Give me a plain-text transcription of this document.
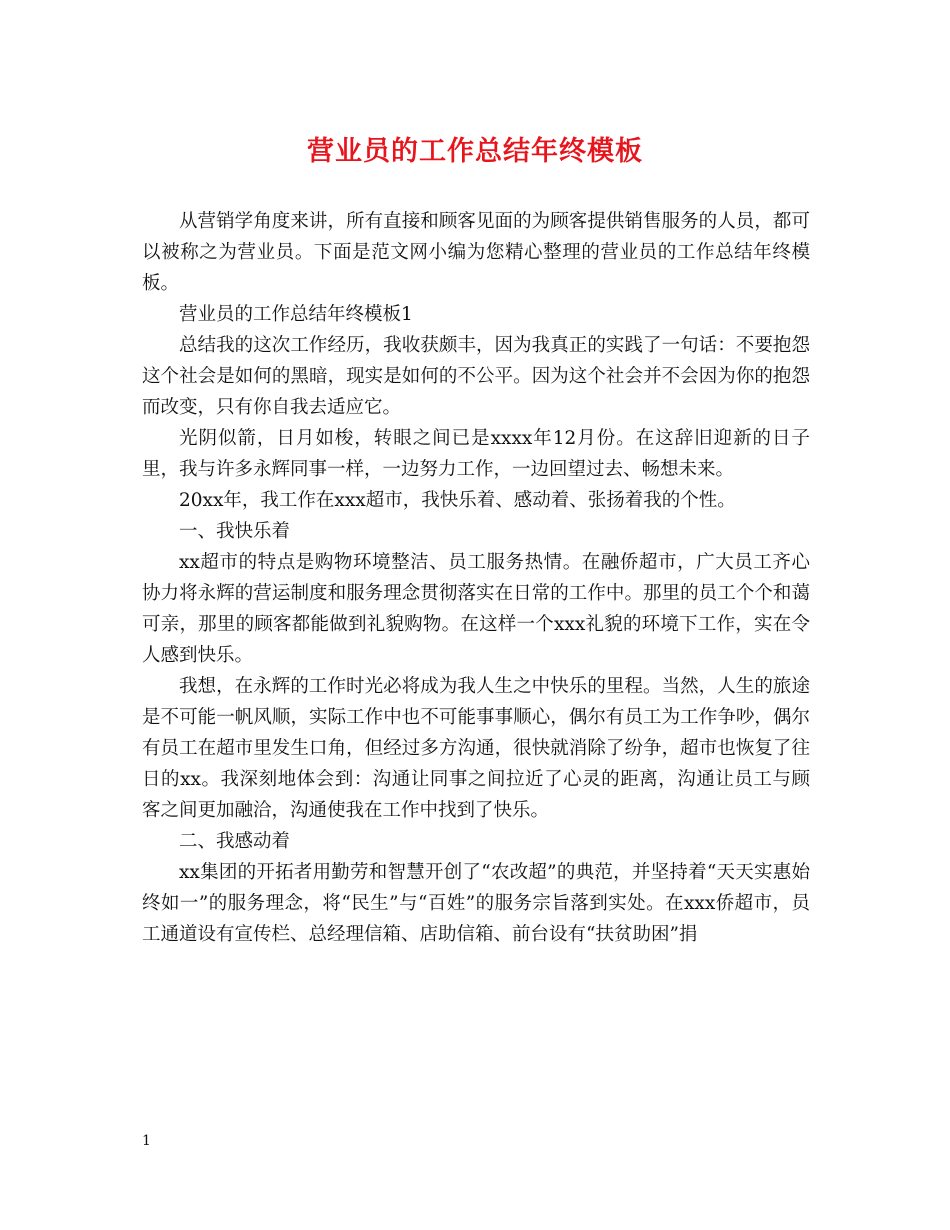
营业员的工作总结年终模板

从营销学角度来讲，所有直接和顾客见面的为顾客提供销售服务的人员，都可以被称之为营业员。下面是范文网小编为您精心整理的营业员的工作总结年终模板。

营业员的工作总结年终模板1

总结我的这次工作经历，我收获颇丰，因为我真正的实践了一句话：不要抱怨这个社会是如何的黑暗，现实是如何的不公平。因为这个社会并不会因为你的抱怨而改变，只有你自我去适应它。

光阴似箭，日月如梭，转眼之间已是xxxx年12月份。在这辞旧迎新的日子里，我与许多永辉同事一样，一边努力工作，一边回望过去、畅想未来。

20xx年，我工作在xxx超市，我快乐着、感动着、张扬着我的个性。

一、我快乐着

xx超市的特点是购物环境整洁、员工服务热情。在融侨超市，广大员工齐心协力将永辉的营运制度和服务理念贯彻落实在日常的工作中。那里的员工个个和蔼可亲，那里的顾客都能做到礼貌购物。在这样一个xxx礼貌的环境下工作，实在令人感到快乐。

我想，在永辉的工作时光必将成为我人生之中快乐的里程。当然，人生的旅途是不可能一帆风顺，实际工作中也不可能事事顺心，偶尔有员工为工作争吵，偶尔有员工在超市里发生口角，但经过多方沟通，很快就消除了纷争，超市也恢复了往日的xx。我深刻地体会到：沟通让同事之间拉近了心灵的距离，沟通让员工与顾客之间更加融洽，沟通使我在工作中找到了快乐。

二、我感动着

xx集团的开拓者用勤劳和智慧开创了“农改超”的典范，并坚持着“天天实惠始终如一”的服务理念，将“民生”与“百姓”的服务宗旨落到实处。在xxx侨超市，员工通道设有宣传栏、总经理信箱、店助信箱、前台设有“扶贫助困”捐

1
